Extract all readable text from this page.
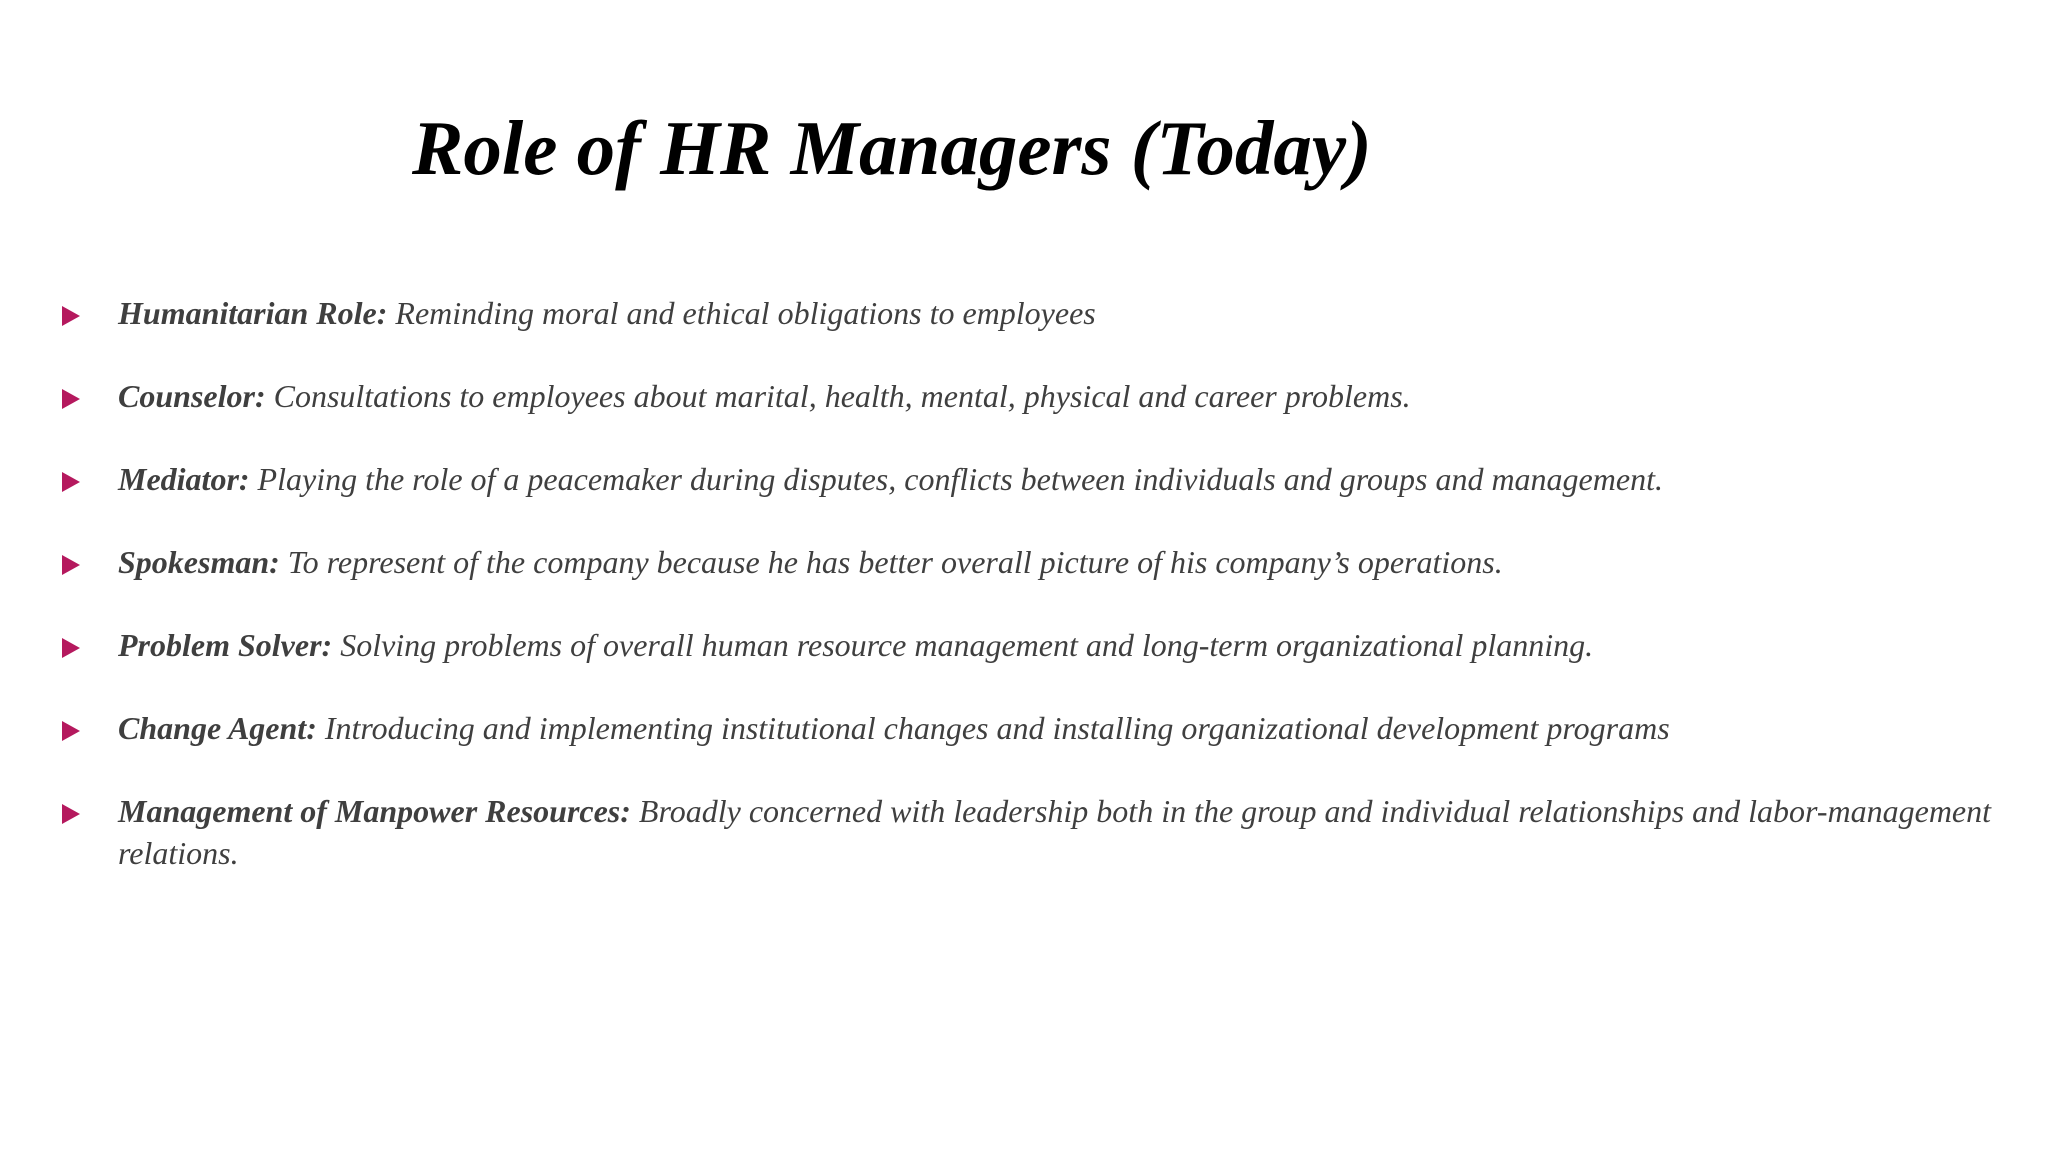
Role of HR Managers (Today)
Humanitarian Role: Reminding moral and ethical obligations to employees
Counselor: Consultations to employees about marital, health, mental, physical and career problems.
Mediator: Playing the role of a peacemaker during disputes, conflicts between individuals and groups and management.
Spokesman: To represent of the company because he has better overall picture of his company’s operations.
Problem Solver: Solving problems of overall human resource management and long-term organizational planning.
Change Agent: Introducing and implementing institutional changes and installing organizational development programs
Management of Manpower Resources: Broadly concerned with leadership both in the group and individual relationships and labor-management relations.
